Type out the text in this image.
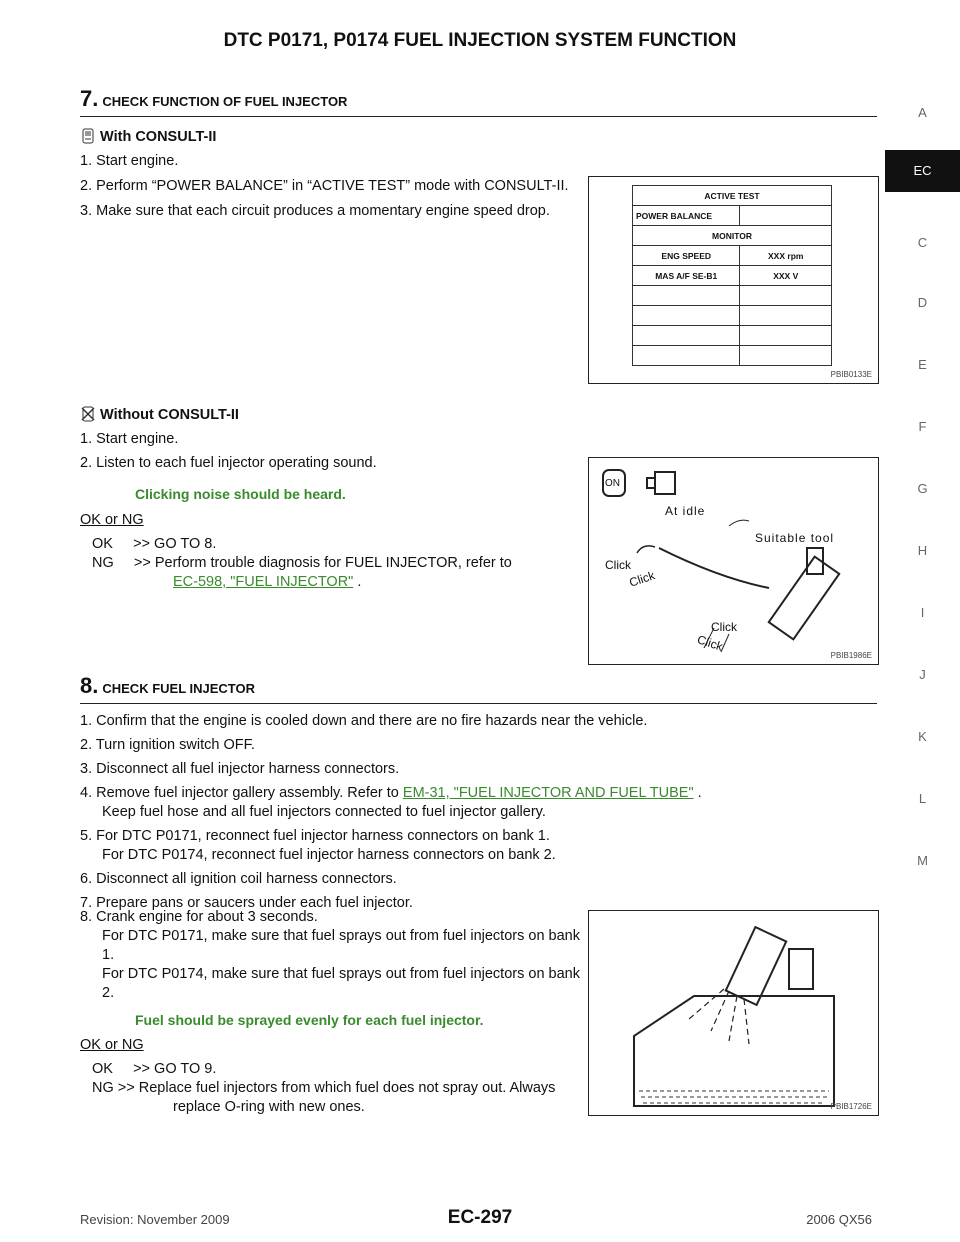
DTC P0171, P0174 FUEL INJECTION SYSTEM FUNCTION
A
EC
C
D
E
F
G
H
I
J
K
L
M
7. CHECK FUNCTION OF FUEL INJECTOR
With CONSULT-II
1. Start engine.
2. Perform “POWER BALANCE” in “ACTIVE TEST” mode with CONSULT-II.
3. Make sure that each circuit produces a momentary engine speed drop.
ACTIVE TEST	
POWER BALANCE	
MONITOR	
ENG SPEED	XXX rpm
MAS A/F SE-B1	XXX V

PBIB0133E
Without CONSULT-II
1. Start engine.
2. Listen to each fuel injector operating sound.
Clicking noise should be heard.
OK or NG
OK     >> GO TO 8.
NG     >> Perform trouble diagnosis for FUEL INJECTOR, refer to
EC-598, "FUEL INJECTOR" .
ON
At idle
Suitable tool
Click
Click
Click
Click
PBIB1986E
8. CHECK FUEL INJECTOR
1. Confirm that the engine is cooled down and there are no fire hazards near the vehicle.
2. Turn ignition switch OFF.
3. Disconnect all fuel injector harness connectors.
4. Remove fuel injector gallery assembly. Refer to EM-31, "FUEL INJECTOR AND FUEL TUBE" .
Keep fuel hose and all fuel injectors connected to fuel injector gallery.
5. For DTC P0171, reconnect fuel injector harness connectors on bank 1.
For DTC P0174, reconnect fuel injector harness connectors on bank 2.
6. Disconnect all ignition coil harness connectors.
7. Prepare pans or saucers under each fuel injector.
8. Crank engine for about 3 seconds.
For DTC P0171, make sure that fuel sprays out from fuel injectors on bank 1.
For DTC P0174, make sure that fuel sprays out from fuel injectors on bank 2.
Fuel should be sprayed evenly for each fuel injector.
OK or NG
OK     >> GO TO 9.
NG >> Replace fuel injectors from which fuel does not spray out. Always replace O-ring with new ones.	PBIB1726E
Revision: November 2009	EC-297	2006 QX56
